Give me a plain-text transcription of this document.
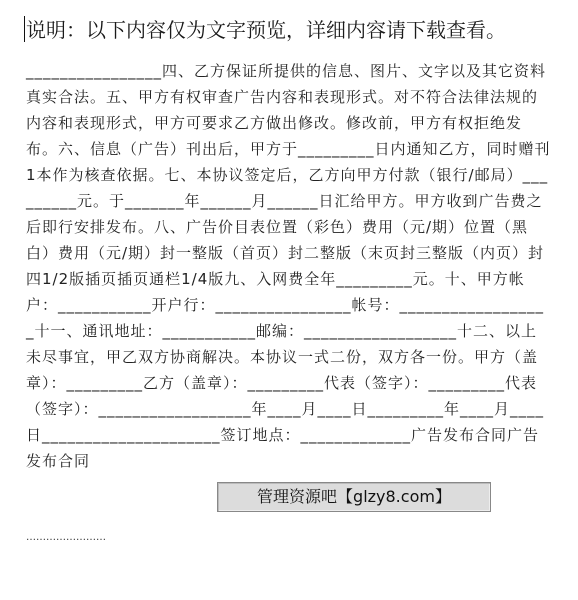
说明：以下内容仅为文字预览，详细内容请下载查看。

________________四、乙方保证所提供的信息、图片、文字以及其它资料真实合法。五、甲方有权审查广告内容和表现形式。对不符合法律法规的内容和表现形式，甲方可要求乙方做出修改。修改前，甲方有权拒绝发布。六、信息（广告）刊出后，甲方于_________日内通知乙方，同时赠刊1本作为核查依据。七、本协议签定后，乙方向甲方付款（银行/邮局）_________元。于_______年______月______日汇给甲方。甲方收到广告费之后即行安排发布。八、广告价目表位置（彩色）费用（元/期）位置（黑白）费用（元/期）封一整版（首页）封二整版（末页封三整版（内页）封四1/2版插页插页通栏1/4版九、入网费全年_________元。十、甲方帐户：___________开户行：________________帐号：__________________十一、通讯地址：___________邮编：__________________十二、以上未尽事宜，甲乙双方协商解决。本协议一式二份，双方各一份。甲方（盖章）：_________乙方（盖章）：_________代表（签字）：_________代表（签字）：__________________年____月____日_________年____月____日_____________________签订地点：_____________广告发布合同广告发布合同

……………………
管理资源吧【glzy8.com】
